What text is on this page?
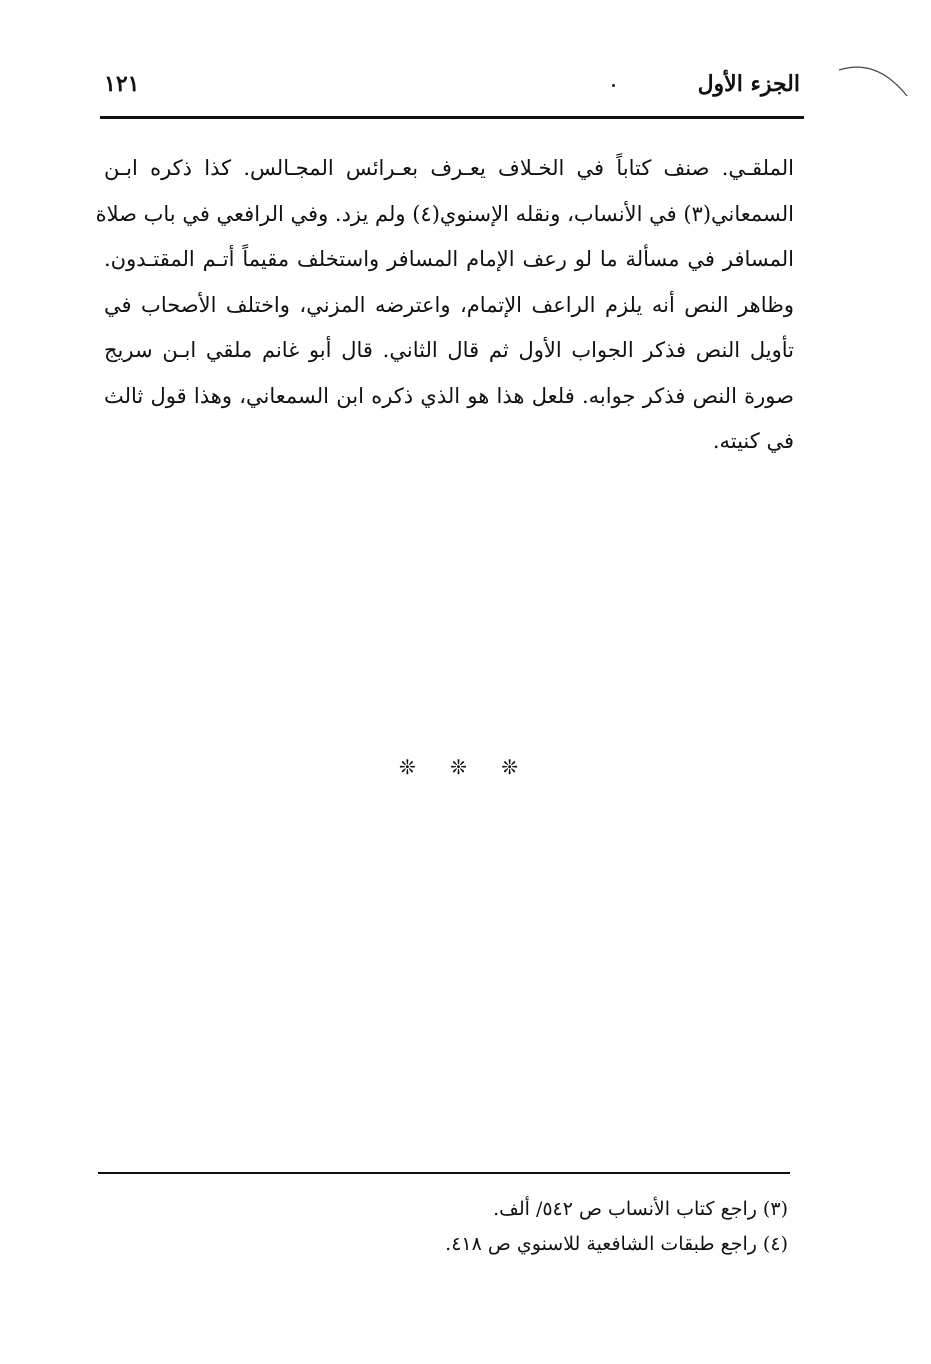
الجزء الأول
١٢١
الملقـي. صنف كتاباً في الخـلاف يعـرف بعـرائس المجـالس. كذا ذكره ابـن
السمعاني(٣) في الأنساب، ونقله الإسنوي(٤) ولم يزد. وفي الرافعي في باب صلاة
المسافر في مسألة ما لو رعف الإمام المسافر واستخلف مقيماً أتـم المقتـدون.
وظاهر النص أنه يلزم الراعف الإتمام، واعترضه المزني، واختلف الأصحاب في
تأويل النص فذكر الجواب الأول ثم قال الثاني. قال أبو غانم ملقي ابـن سريج
صورة النص فذكر جوابه. فلعل هذا هو الذي ذكره ابن السمعاني، وهذا قول ثالث
في كنيته.
❊ ❊ ❊
(٣) راجع كتاب الأنساب ص ٥٤٢/ ألف.
(٤) راجع طبقات الشافعية للاسنوي ص ٤١٨.
